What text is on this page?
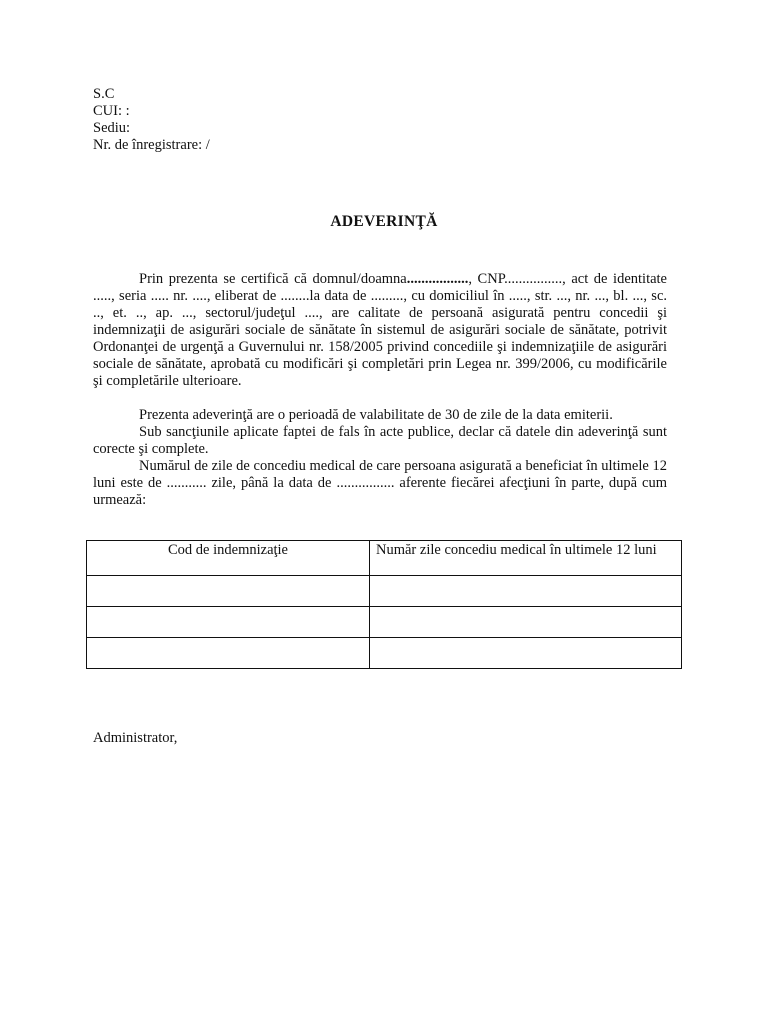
S.C
CUI: :
Sediu:
Nr. de înregistrare: /
ADEVERINŢĂ

Prin prezenta se certifică că domnul/doamna................., CNP................, act de identitate ....., seria ..... nr. ...., eliberat de ........la data de ........., cu domiciliul în ....., str. ..., nr. ..., bl. ..., sc. .., et. .., ap. ..., sectorul/judeţul ...., are calitate de persoană asigurată pentru concedii şi indemnizaţii de asigurări sociale de sănătate în sistemul de asigurări sociale de sănătate, potrivit Ordonanţei de urgenţă a Guvernului nr. 158/2005 privind concediile şi indemnizaţiile de asigurări sociale de sănătate, aprobată cu modificări şi completări prin Legea nr. 399/2006, cu modificările şi completările ulterioare.

Prezenta adeverinţă are o perioadă de valabilitate de 30 de zile de la data emiterii.

Sub sancţiunile aplicate faptei de fals în acte publice, declar că datele din adeverinţă sunt corecte şi complete.

Numărul de zile de concediu medical de care persoana asigurată a beneficiat în ultimele 12 luni este de ........... zile, până la data de ................ aferente fiecărei afecţiuni în parte, după cum urmează:

Cod de indemnizaţie	Număr zile concediu medical în ultimele 12 luni

Administrator,
